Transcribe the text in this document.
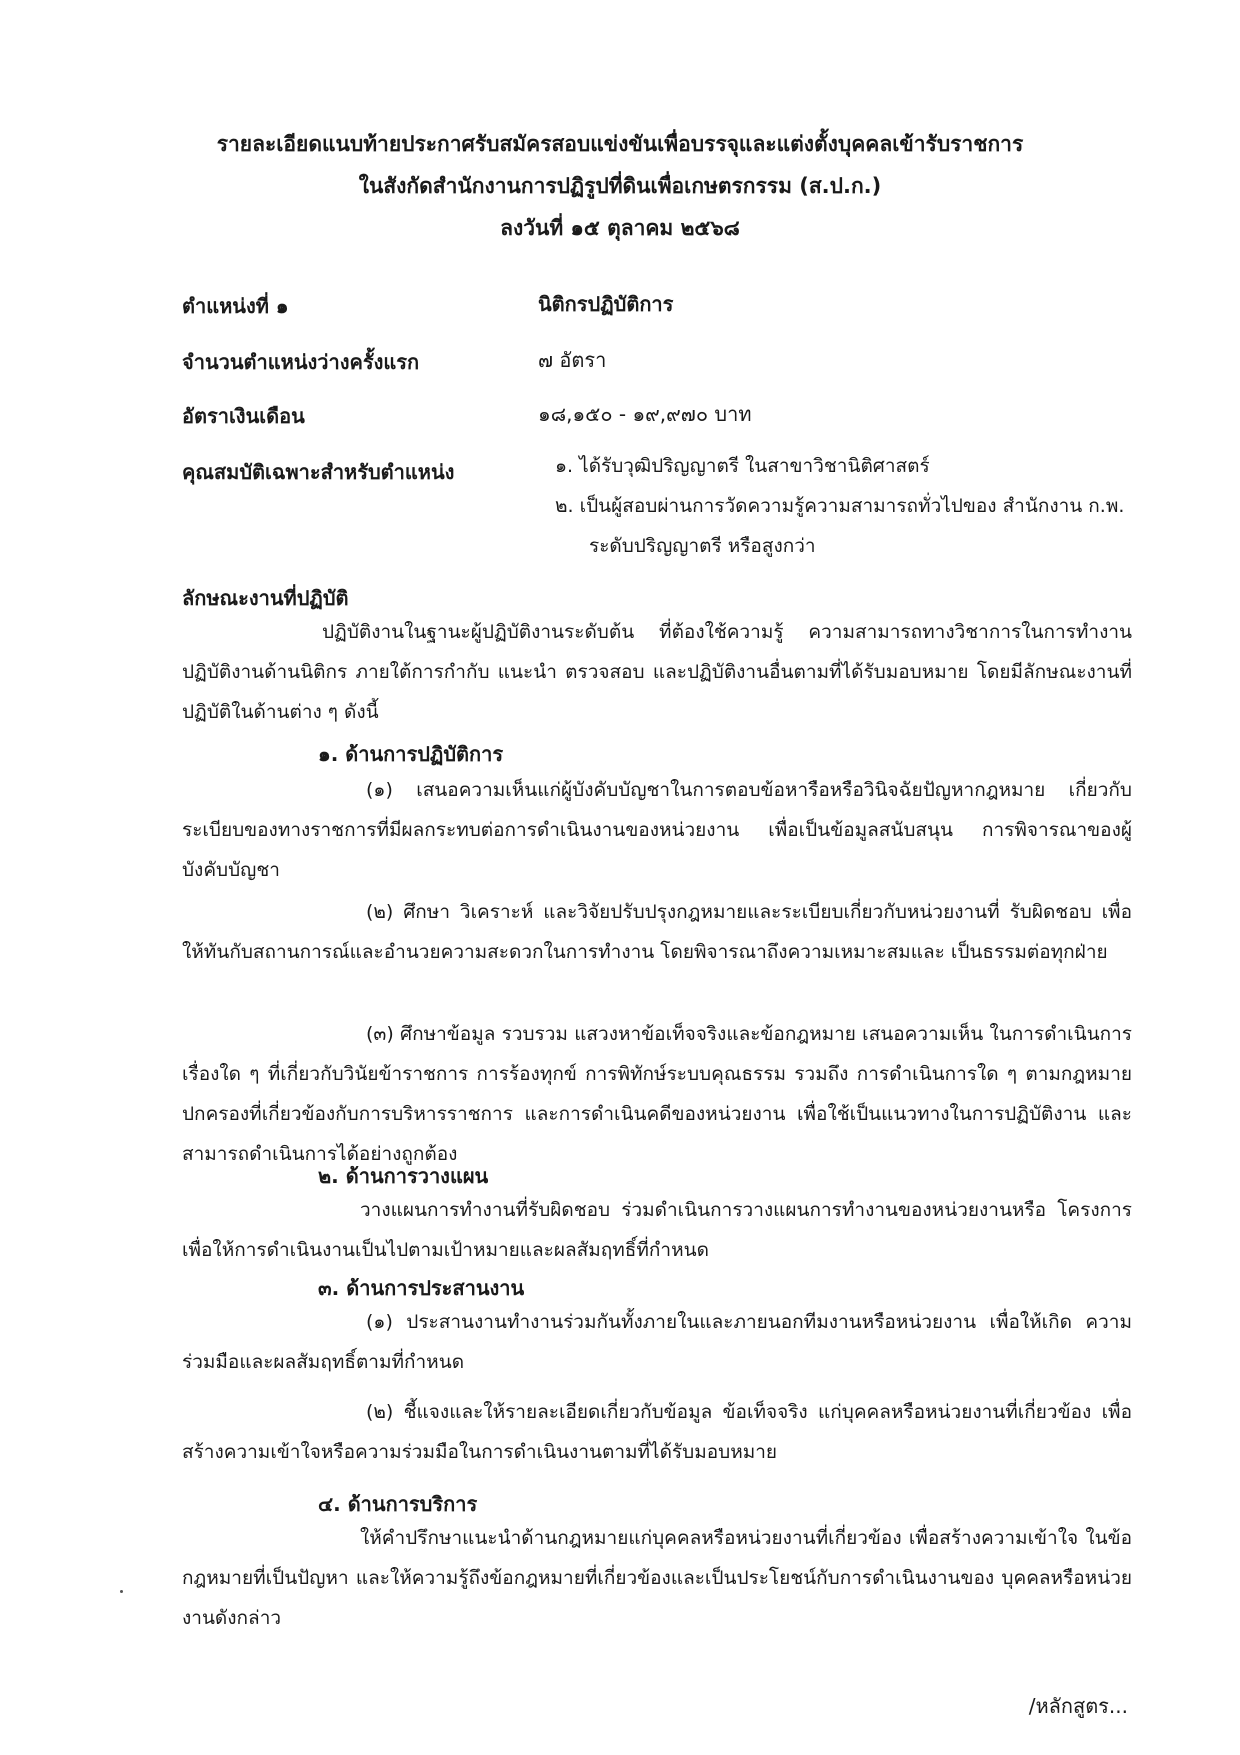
รายละเอียดแนบท้ายประกาศรับสมัครสอบแข่งขันเพื่อบรรจุและแต่งตั้งบุคคลเข้ารับราชการ
ในสังกัดสำนักงานการปฏิรูปที่ดินเพื่อเกษตรกรรม (ส.ป.ก.)
ลงวันที่ ๑๕ ตุลาคม ๒๕๖๘
ตำแหน่งที่ ๑	นิติกรปฏิบัติการ
จำนวนตำแหน่งว่างครั้งแรก	๗ อัตรา
อัตราเงินเดือน	๑๘,๑๕๐ - ๑๙,๙๗๐ บาท
คุณสมบัติเฉพาะสำหรับตำแหน่ง	๑. ได้รับวุฒิปริญญาตรี ในสาขาวิชานิติศาสตร์
๒. เป็นผู้สอบผ่านการวัดความรู้ความสามารถทั่วไปของ สำนักงาน ก.พ. ระดับปริญญาตรี หรือสูงกว่า
ลักษณะงานที่ปฏิบัติ
ปฏิบัติงานในฐานะผู้ปฏิบัติงานระดับต้น ที่ต้องใช้ความรู้ ความสามารถทางวิชาการในการทำงาน ปฏิบัติงานด้านนิติกร ภายใต้การกำกับ แนะนำ ตรวจสอบ และปฏิบัติงานอื่นตามที่ได้รับมอบหมาย โดยมีลักษณะงานที่ปฏิบัติในด้านต่าง ๆ ดังนี้
๑. ด้านการปฏิบัติการ
(๑) เสนอความเห็นแก่ผู้บังคับบัญชาในการตอบข้อหารือหรือวินิจฉัยปัญหากฎหมาย เกี่ยวกับระเบียบของทางราชการที่มีผลกระทบต่อการดำเนินงานของหน่วยงาน เพื่อเป็นข้อมูลสนับสนุน การพิจารณาของผู้บังคับบัญชา
(๒) ศึกษา วิเคราะห์ และวิจัยปรับปรุงกฎหมายและระเบียบเกี่ยวกับหน่วยงานที่ รับผิดชอบ เพื่อให้ทันกับสถานการณ์และอำนวยความสะดวกในการทำงาน โดยพิจารณาถึงความเหมาะสมและ เป็นธรรมต่อทุกฝ่าย
(๓) ศึกษาข้อมูล รวบรวม แสวงหาข้อเท็จจริงและข้อกฎหมาย เสนอความเห็น ในการดำเนินการเรื่องใด ๆ ที่เกี่ยวกับวินัยข้าราชการ การร้องทุกข์ การพิทักษ์ระบบคุณธรรม รวมถึง การดำเนินการใด ๆ ตามกฎหมายปกครองที่เกี่ยวข้องกับการบริหารราชการ และการดำเนินคดีของหน่วยงาน เพื่อใช้เป็นแนวทางในการปฏิบัติงาน และสามารถดำเนินการได้อย่างถูกต้อง
๒. ด้านการวางแผน
วางแผนการทำงานที่รับผิดชอบ ร่วมดำเนินการวางแผนการทำงานของหน่วยงานหรือ โครงการ เพื่อให้การดำเนินงานเป็นไปตามเป้าหมายและผลสัมฤทธิ์ที่กำหนด
๓. ด้านการประสานงาน
(๑) ประสานงานทำงานร่วมกันทั้งภายในและภายนอกทีมงานหรือหน่วยงาน เพื่อให้เกิด ความร่วมมือและผลสัมฤทธิ์ตามที่กำหนด
(๒) ชี้แจงและให้รายละเอียดเกี่ยวกับข้อมูล ข้อเท็จจริง แก่บุคคลหรือหน่วยงานที่เกี่ยวข้อง เพื่อสร้างความเข้าใจหรือความร่วมมือในการดำเนินงานตามที่ได้รับมอบหมาย
๔. ด้านการบริการ
ให้คำปรึกษาแนะนำด้านกฎหมายแก่บุคคลหรือหน่วยงานที่เกี่ยวข้อง เพื่อสร้างความเข้าใจ ในข้อกฎหมายที่เป็นปัญหา และให้ความรู้ถึงข้อกฎหมายที่เกี่ยวข้องและเป็นประโยชน์กับการดำเนินงานของ บุคคลหรือหน่วยงานดังกล่าว
/หลักสูตร...
